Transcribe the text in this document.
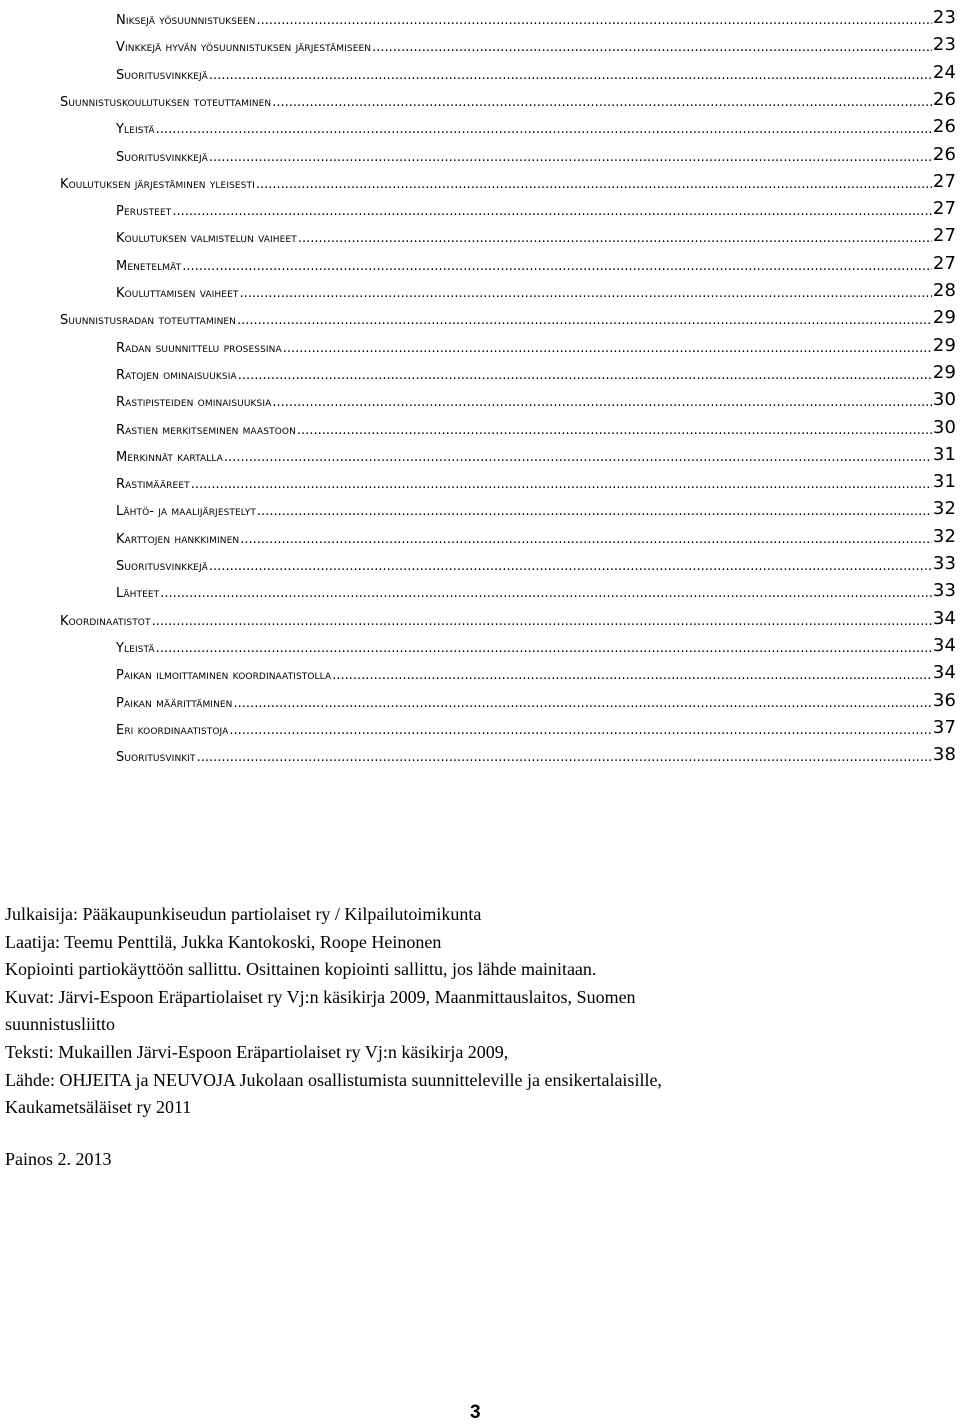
Niksejä yösuunnistukseen .....	23
Vinkkejä hyvän yösuunnistuksen järjestämiseen .....	23
Suoritusvinkkejä .....	24
Suunnistuskoulutuksen toteuttaminen .....	26
Yleistä .....	26
Suoritusvinkkejä .....	26
Koulutuksen järjestäminen yleisesti .....	27
Perusteet .....	27
Koulutuksen valmistelun vaiheet .....	27
Menetelmät .....	27
Kouluttamisen vaiheet .....	28
Suunnistusradan toteuttaminen .....	29
Radan suunnittelu prosessina .....	29
Ratojen ominaisuuksia .....	29
Rastipisteiden ominaisuuksia .....	30
Rastien merkitseminen maastoon .....	30
Merkinnät kartalla .....	31
Rastimääreet .....	31
Lähtö- ja maalijärjestelyt .....	32
Karttojen hankkiminen .....	32
Suoritusvinkkejä .....	33
Lähteet .....	33
Koordinaatistot .....	34
Yleistä .....	34
Paikan ilmoittaminen koordinaatistolla .....	34
Paikan määrittäminen .....	36
Eri koordinaatistoja .....	37
Suoritusvinkit .....	38
Julkaisija: Pääkaupunkiseudun partiolaiset ry / Kilpailutoimikunta
Laatija: Teemu Penttilä, Jukka Kantokoski, Roope Heinonen
Kopiointi partiokäyttöön sallittu. Osittainen kopiointi sallittu, jos lähde mainitaan.
Kuvat: Järvi-Espoon Eräpartiolaiset ry Vj:n käsikirja 2009, Maanmittauslaitos, Suomen
suunnistusliitto
Teksti: Mukaillen Järvi-Espoon Eräpartiolaiset ry Vj:n käsikirja 2009,
Lähde: OHJEITA ja NEUVOJA Jukolaan osallistumista suunnitteleville ja ensikertalaisille,
Kaukametsäläiset ry 2011
Painos 2. 2013
3
